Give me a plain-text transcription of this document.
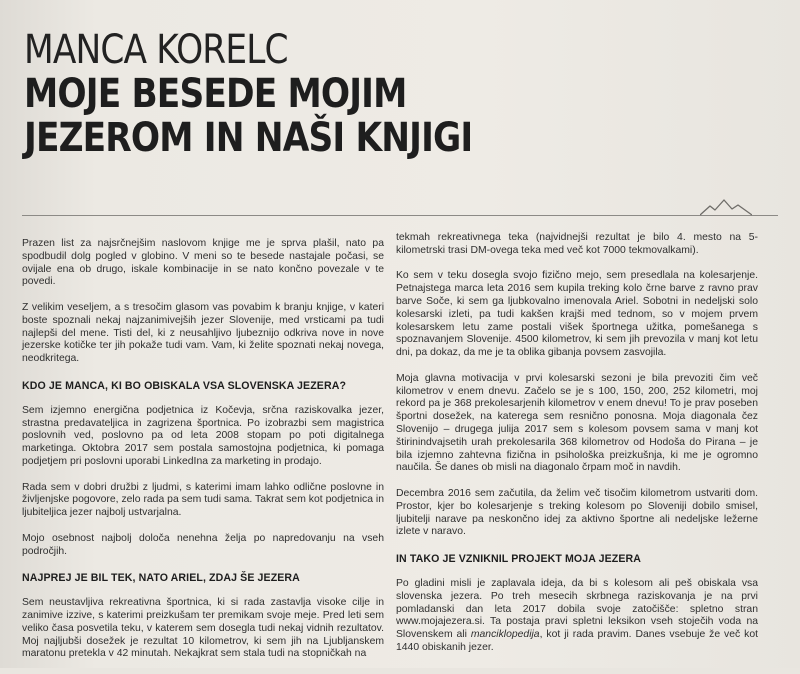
MANCA KORELC
MOJE BESEDE MOJIM
JEZEROM IN NAŠI KNJIGI

Prazen list za najsrčnejšim naslovom knjige me je sprva plašil, nato pa spodbudil dolg pogled v globino. V meni so te besede nastajale počasi, se ovijale ena ob drugo, iskale kombinacije in se nato končno povezale v te povedi.

Z velikim veseljem, a s tresočim glasom vas povabim k branju knjige, v kateri boste spoznali nekaj najzanimivejših jezer Slovenije, med vrsticami pa tudi najlepši del mene. Tisti del, ki z neusahljivo ljubeznijo odkriva nove in nove jezerske kotičke ter jih pokaže tudi vam. Vam, ki želite spoznati nekaj novega, neodkritega.

KDO JE MANCA, KI BO OBISKALA VSA SLOVENSKA JEZERA?

Sem izjemno energična podjetnica iz Kočevja, srčna raziskovalka jezer, strastna predavateljica in zagrizena športnica. Po izobrazbi sem magistrica poslovnih ved, poslovno pa od leta 2008 stopam po poti digitalnega marketinga. Oktobra 2017 sem postala samostojna podjetnica, ki pomaga podjetjem pri poslovni uporabi LinkedIna za marketing in prodajo.

Rada sem v dobri družbi z ljudmi, s katerimi imam lahko odlične poslovne in življenjske pogovore, zelo rada pa sem tudi sama. Takrat sem kot podjetnica in ljubiteljica jezer najbolj ustvarjalna.

Mojo osebnost najbolj določa nenehna želja po napredovanju na vseh področjih.

NAJPREJ JE BIL TEK, NATO ARIEL, ZDAJ ŠE JEZERA

Sem neustavljiva rekreativna športnica, ki si rada zastavlja visoke cilje in zanimive izzive, s katerimi preizkušam ter premikam svoje meje. Pred leti sem veliko časa posvetila teku, v katerem sem dosegla tudi nekaj vidnih rezultatov. Moj najljubši dosežek je rezultat 10 kilometrov, ki sem jih na Ljubljanskem maratonu pretekla v 42 minutah. Nekajkrat sem stala tudi na stopničkah na

tekmah rekreativnega teka (najvidnejši rezultat je bilo 4. mesto na 5-kilometrski trasi DM-ovega teka med več kot 7000 tekmovalkami).

Ko sem v teku dosegla svojo fizično mejo, sem presedlala na kolesarjenje. Petnajstega marca leta 2016 sem kupila treking kolo črne barve z ravno prav barve Soče, ki sem ga ljubkovalno imenovala Ariel. Sobotni in nedeljski solo kolesarski izleti, pa tudi kakšen krajši med tednom, so v mojem prvem kolesarskem letu zame postali višek športnega užitka, pomešanega s spoznavanjem Slovenije. 4500 kilometrov, ki sem jih prevozila v manj kot letu dni, pa dokaz, da me je ta oblika gibanja povsem zasvojila.

Moja glavna motivacija v prvi kolesarski sezoni je bila prevoziti čim več kilometrov v enem dnevu. Začelo se je s 100, 150, 200, 252 kilometri, moj rekord pa je 368 prekolesarjenih kilometrov v enem dnevu! To je prav poseben športni dosežek, na katerega sem resnično ponosna. Moja diagonala čez Slovenijo – drugega julija 2017 sem s kolesom povsem sama v manj kot štirinindvajsetih urah prekolesarila 368 kilometrov od Hodoša do Pirana – je bila izjemno zahtevna fizična in psihološka preizkušnja, ki me je ogromno naučila. Še danes ob misli na diagonalo črpam moč in navdih.

Decembra 2016 sem začutila, da želim več tisočim kilometrom ustvariti dom. Prostor, kjer bo kolesarjenje s treking kolesom po Sloveniji dobilo smisel, ljubitelji narave pa neskončno idej za aktivno športne ali nedeljske ležerne izlete v naravo.

IN TAKO JE VZNIKNIL PROJEKT MOJA JEZERA

Po gladini misli je zaplavala ideja, da bi s kolesom ali peš obiskala vsa slovenska jezera. Po treh mesecih skrbnega raziskovanja je na prvi pomladanski dan leta 2017 dobila svoje zatočišče: spletno stran www.mojajezera.si. Ta postaja pravi spletni leksikon vseh stoječih voda na Slovenskem ali manciklopedija, kot ji rada pravim. Danes vsebuje že več kot 1440 obiskanih jezer.
